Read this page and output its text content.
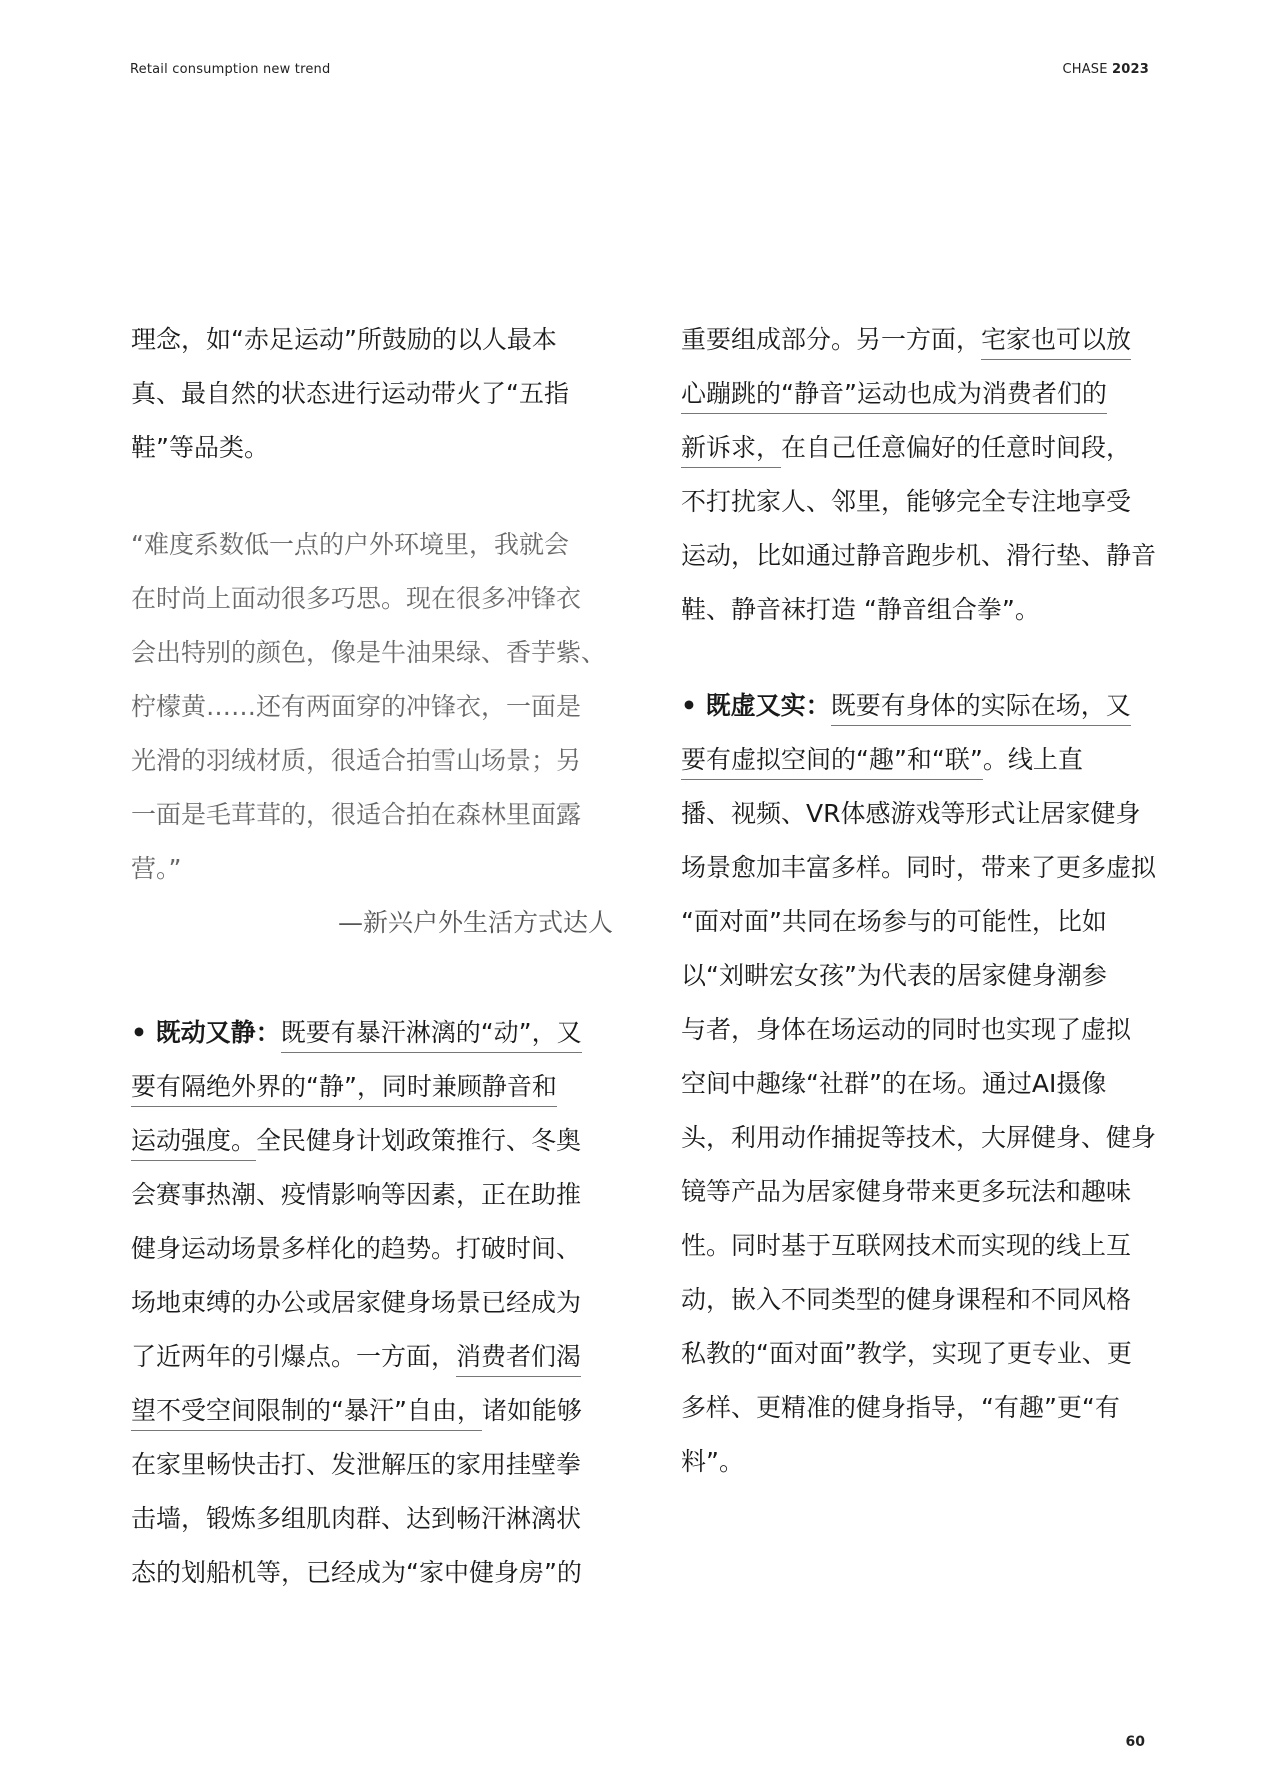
Retail consumption new trend	CHASE 2023
理念，如“赤足运动”所鼓励的以人最本
真、最自然的状态进行运动带火了“五指
鞋”等品类。
“难度系数低一点的户外环境里，我就会
在时尚上面动很多巧思。现在很多冲锋衣
会出特别的颜色，像是牛油果绿、香芋紫、
柠檬黄……还有两面穿的冲锋衣，一面是
光滑的羽绒材质，很适合拍雪山场景；另
一面是毛茸茸的，很适合拍在森林里面露
营。”
—新兴户外生活方式达人
• 既动又静：既要有暴汗淋漓的“动”，又
要有隔绝外界的“静”，同时兼顾静音和
运动强度。全民健身计划政策推行、冬奥
会赛事热潮、疫情影响等因素，正在助推
健身运动场景多样化的趋势。打破时间、
场地束缚的办公或居家健身场景已经成为
了近两年的引爆点。一方面，消费者们渴
望不受空间限制的“暴汗”自由，诸如能够
在家里畅快击打、发泄解压的家用挂壁拳
击墙，锻炼多组肌肉群、达到畅汗淋漓状
态的划船机等，已经成为“家中健身房”的
重要组成部分。另一方面，宅家也可以放
心蹦跳的“静音”运动也成为消费者们的
新诉求，在自己任意偏好的任意时间段，
不打扰家人、邻里，能够完全专注地享受
运动，比如通过静音跑步机、滑行垫、静音
鞋、静音袜打造 “静音组合拳”。
• 既虚又实：既要有身体的实际在场，又
要有虚拟空间的“趣”和“联”。线上直
播、视频、VR体感游戏等形式让居家健身
场景愈加丰富多样。同时，带来了更多虚拟
“面对面”共同在场参与的可能性，比如
以“刘畊宏女孩”为代表的居家健身潮参
与者，身体在场运动的同时也实现了虚拟
空间中趣缘“社群”的在场。通过AI摄像
头，利用动作捕捉等技术，大屏健身、健身
镜等产品为居家健身带来更多玩法和趣味
性。同时基于互联网技术而实现的线上互
动，嵌入不同类型的健身课程和不同风格
私教的“面对面”教学，实现了更专业、更
多样、更精准的健身指导，“有趣”更“有
料”。
60
